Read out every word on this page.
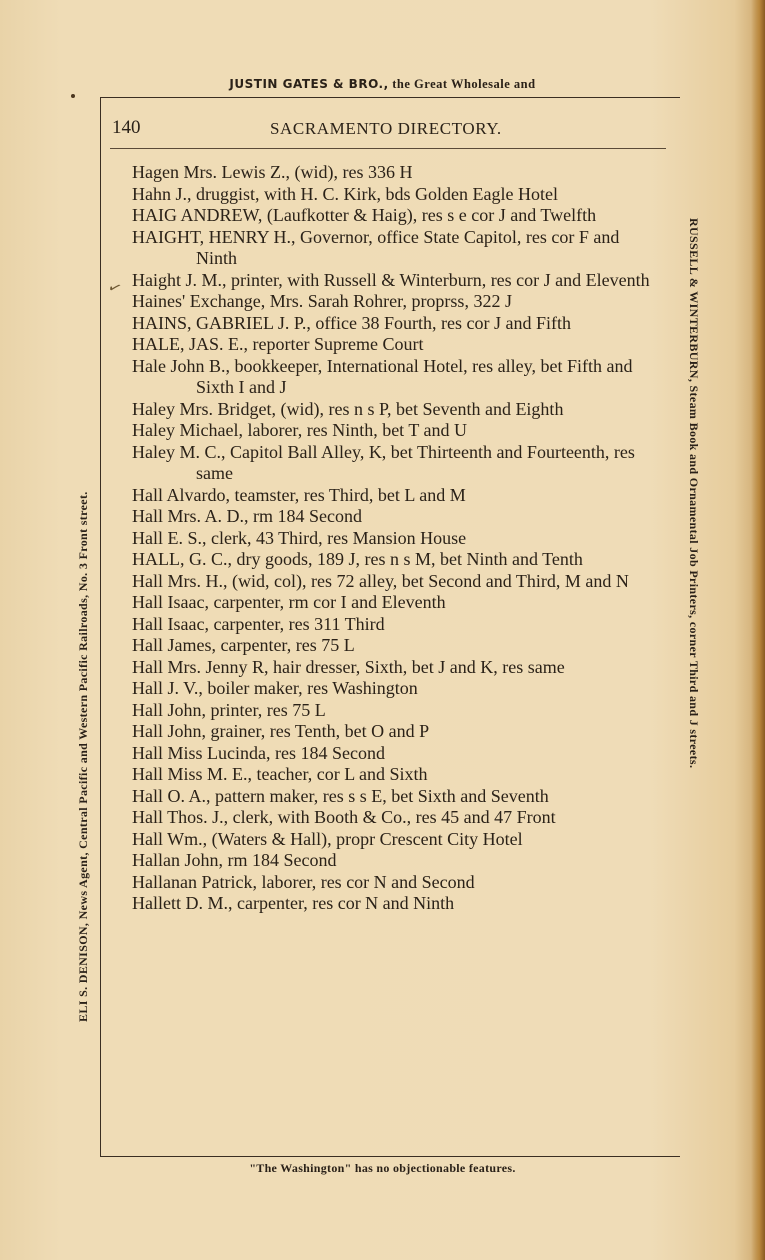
JUSTIN GATES & BRO., the Great Wholesale and
140	SACRAMENTO DIRECTORY.
ELI S. DENISON, News Agent, Central Pacific and Western Pacific Railroads, No. 3 Front street.	RUSSELL & WINTERBURN, Steam Book and Ornamental Job Printers, corner Third and J streets.
✓
Hagen Mrs. Lewis Z., (wid), res 336 H
Hahn J., druggist, with H. C. Kirk, bds Golden Eagle Hotel
HAIG ANDREW, (Laufkotter & Haig), res s e cor J and Twelfth
HAIGHT, HENRY H., Governor, office State Capitol, res cor F and Ninth
Haight J. M., printer, with Russell & Winterburn, res cor J and Eleventh
Haines' Exchange, Mrs. Sarah Rohrer, proprss, 322 J
HAINS, GABRIEL J. P., office 38 Fourth, res cor J and Fifth
HALE, JAS. E., reporter Supreme Court
Hale John B., bookkeeper, International Hotel, res alley, bet Fifth and Sixth I and J
Haley Mrs. Bridget, (wid), res n s P, bet Seventh and Eighth
Haley Michael, laborer, res Ninth, bet T and U
Haley M. C., Capitol Ball Alley, K, bet Thirteenth and Fourteenth, res same
Hall Alvardo, teamster, res Third, bet L and M
Hall Mrs. A. D., rm 184 Second
Hall E. S., clerk, 43 Third, res Mansion House
HALL, G. C., dry goods, 189 J, res n s M, bet Ninth and Tenth
Hall Mrs. H., (wid, col), res 72 alley, bet Second and Third, M and N
Hall Isaac, carpenter, rm cor I and Eleventh
Hall Isaac, carpenter, res 311 Third
Hall James, carpenter, res 75 L
Hall Mrs. Jenny R, hair dresser, Sixth, bet J and K, res same
Hall J. V., boiler maker, res Washington
Hall John, printer, res 75 L
Hall John, grainer, res Tenth, bet O and P
Hall Miss Lucinda, res 184 Second
Hall Miss M. E., teacher, cor L and Sixth
Hall O. A., pattern maker, res s s E, bet Sixth and Seventh
Hall Thos. J., clerk, with Booth & Co., res 45 and 47 Front
Hall Wm., (Waters & Hall), propr Crescent City Hotel
Hallan John, rm 184 Second
Hallanan Patrick, laborer, res cor N and Second
Hallett D. M., carpenter, res cor N and Ninth
"The Washington" has no objectionable features.
